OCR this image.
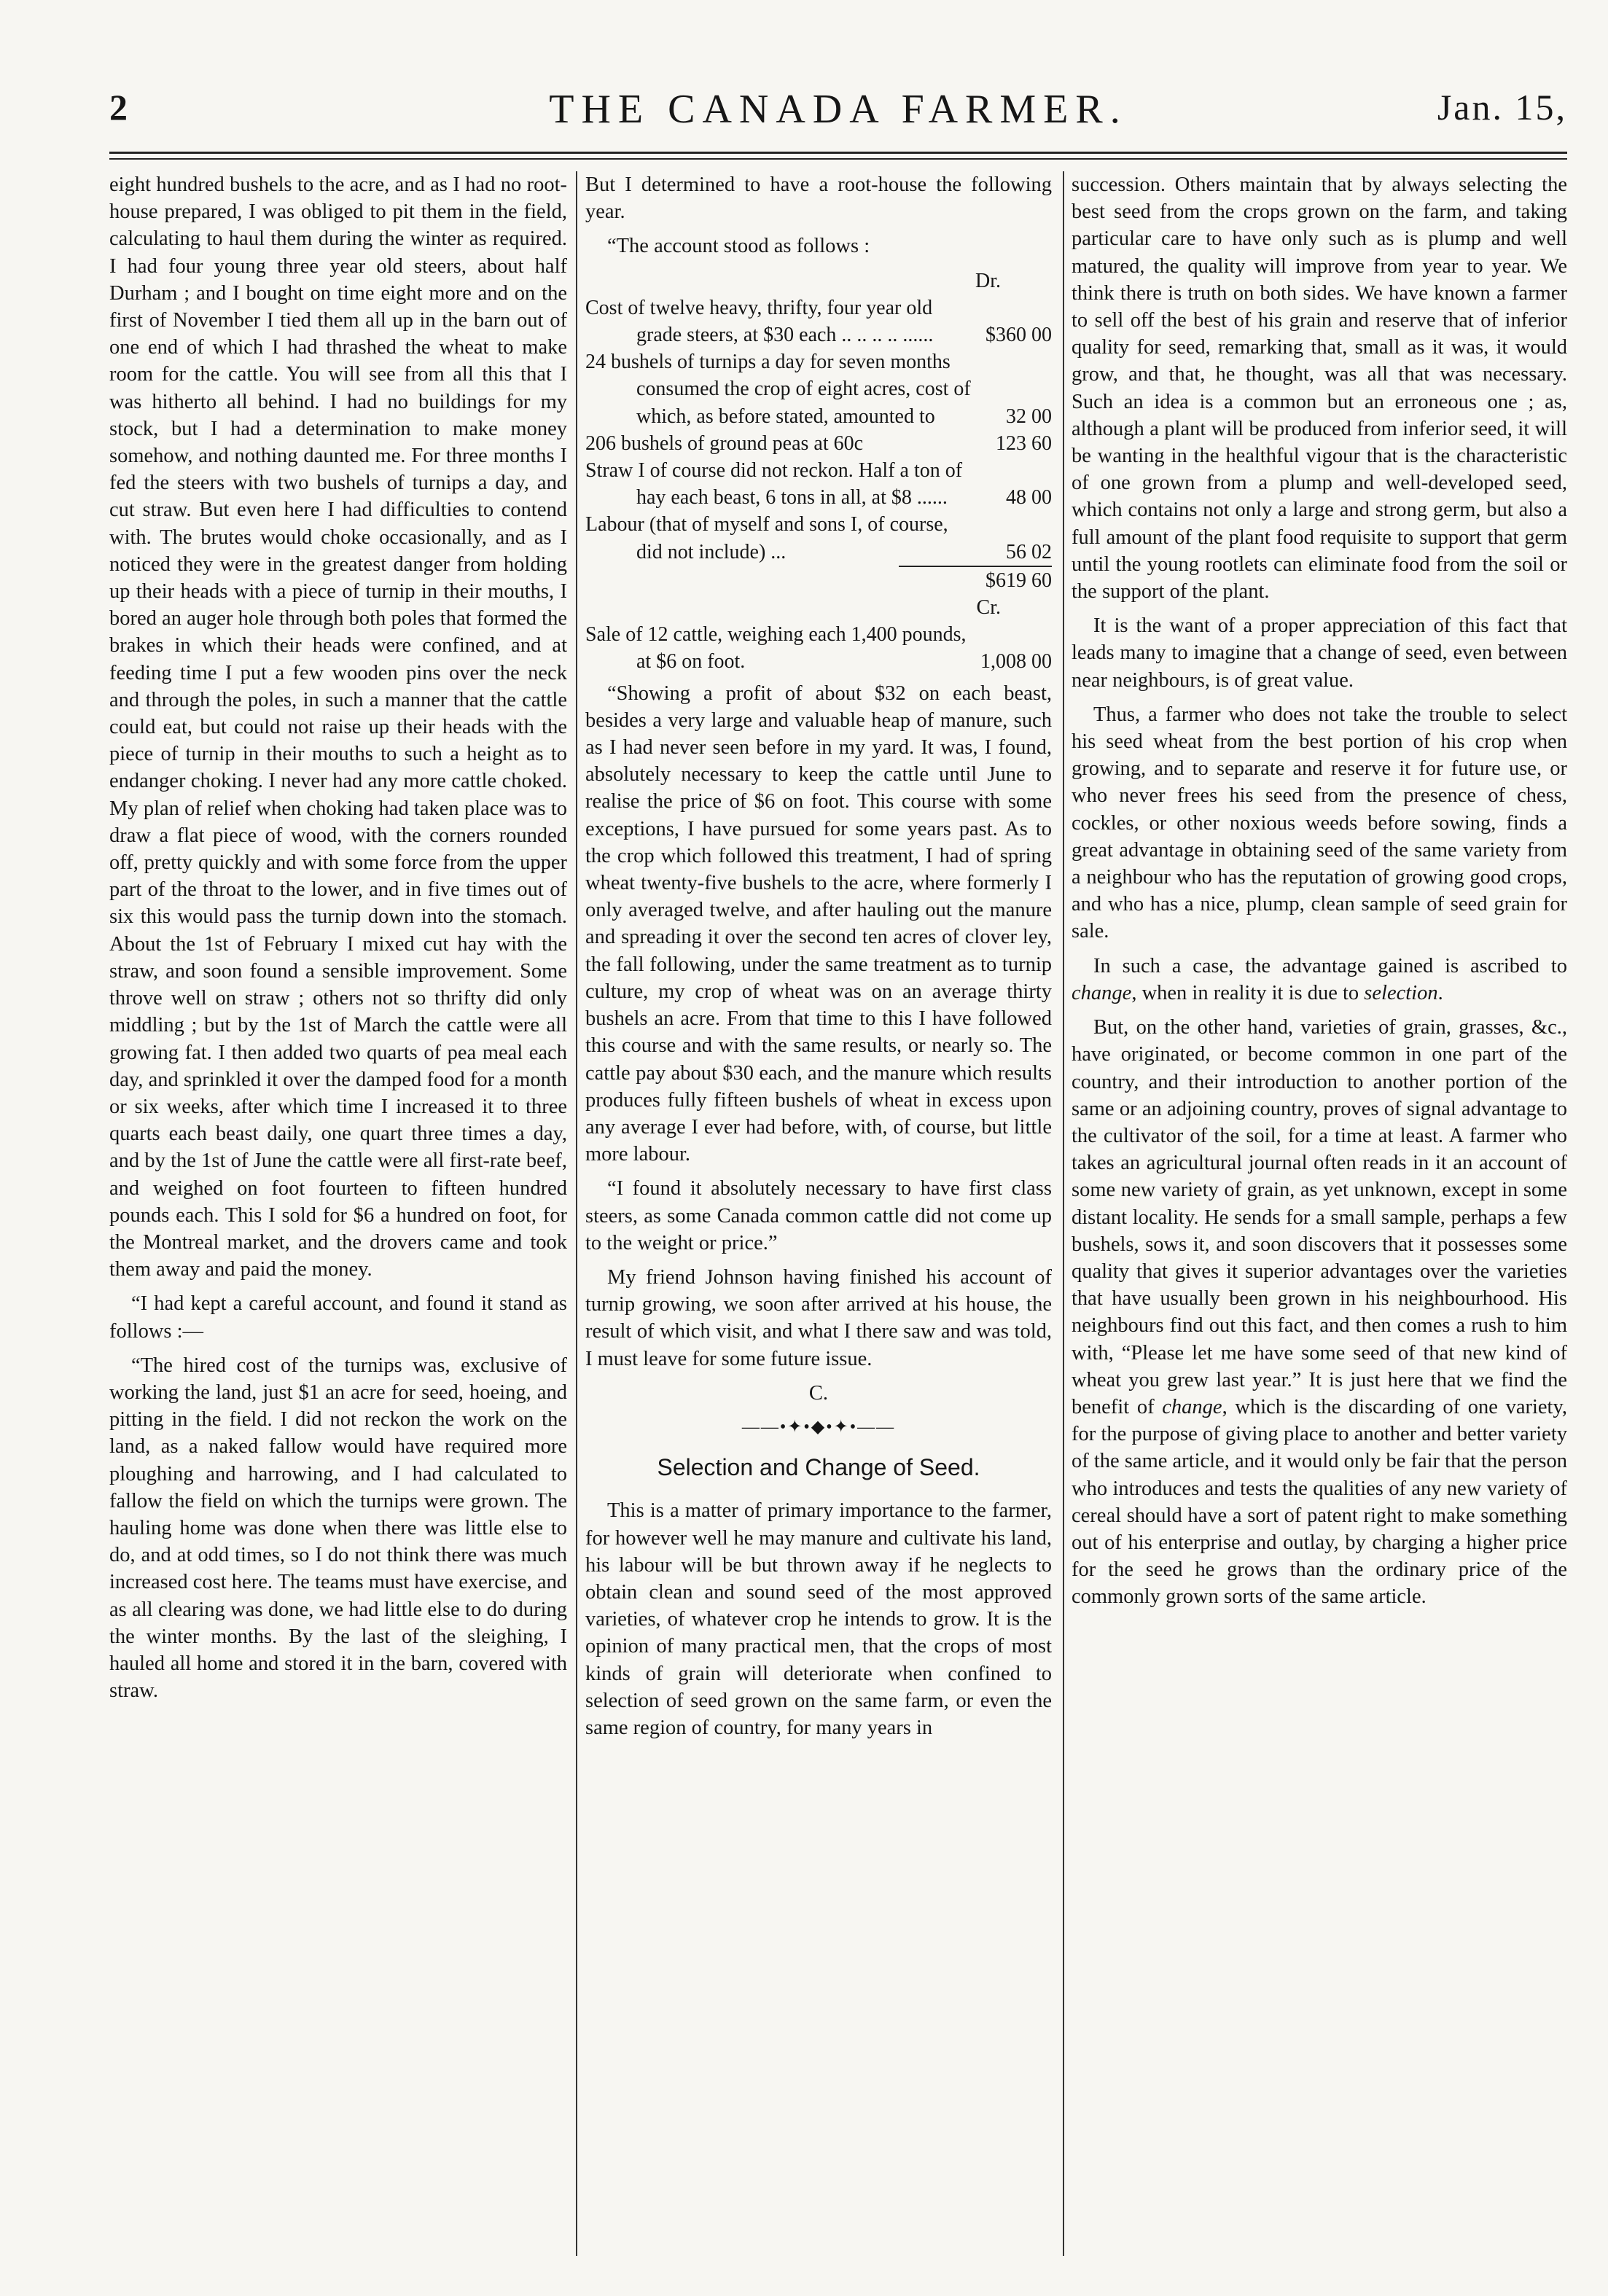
2	THE CANADA FARMER.	Jan. 15,

eight hundred bushels to the acre, and as I had no root-house prepared, I was obliged to pit them in the field, calculating to haul them during the winter as required. I had four young three year old steers, about half Durham ; and I bought on time eight more and on the first of November I tied them all up in the barn out of one end of which I had thrashed the wheat to make room for the cattle. You will see from all this that I was hitherto all behind. I had no buildings for my stock, but I had a determination to make money somehow, and nothing daunted me. For three months I fed the steers with two bushels of turnips a day, and cut straw. But even here I had difficulties to contend with. The brutes would choke occasionally, and as I noticed they were in the greatest danger from holding up their heads with a piece of turnip in their mouths, I bored an auger hole through both poles that formed the brakes in which their heads were confined, and at feeding time I put a few wooden pins over the neck and through the poles, in such a manner that the cattle could eat, but could not raise up their heads with the piece of turnip in their mouths to such a height as to endanger choking. I never had any more cattle choked. My plan of relief when choking had taken place was to draw a flat piece of wood, with the corners rounded off, pretty quickly and with some force from the upper part of the throat to the lower, and in five times out of six this would pass the turnip down into the stomach. About the 1st of February I mixed cut hay with the straw, and soon found a sensible improvement. Some throve well on straw ; others not so thrifty did only middling ; but by the 1st of March the cattle were all growing fat. I then added two quarts of pea meal each day, and sprinkled it over the damped food for a month or six weeks, after which time I increased it to three quarts each beast daily, one quart three times a day, and by the 1st of June the cattle were all first-rate beef, and weighed on foot fourteen to fifteen hundred pounds each. This I sold for $6 a hundred on foot, for the Montreal market, and the drovers came and took them away and paid the money.

“I had kept a careful account, and found it stand as follows :—

“The hired cost of the turnips was, exclusive of working the land, just $1 an acre for seed, hoeing, and pitting in the field. I did not reckon the work on the land, as a naked fallow would have required more ploughing and harrowing, and I had calculated to fallow the field on which the turnips were grown. The hauling home was done when there was little else to do, and at odd times, so I do not think there was much increased cost here. The teams must have exercise, and as all clearing was done, we had little else to do during the winter months. By the last of the sleighing, I hauled all home and stored it in the barn, covered with straw.

But I determined to have a root-house the following year.

“The account stood as follows :

Dr.
Cost of twelve heavy, thrifty, four year old grade steers, at $30 each .. .. .. .. ......	$360 00
24 bushels of turnips a day for seven months consumed the crop of eight acres, cost of which, as before stated, amounted to	32 00
206 bushels of ground peas at 60c	123 60
Straw I of course did not reckon. Half a ton of hay each beast, 6 tons in all, at $8 ......	48 00
Labour (that of myself and sons I, of course, did not include) ...	56 02
$619 60
Cr.
Sale of 12 cattle, weighing each 1,400 pounds, at $6 on foot.	1,008 00

“Showing a profit of about $32 on each beast, besides a very large and valuable heap of manure, such as I had never seen before in my yard. It was, I found, absolutely necessary to keep the cattle until June to realise the price of $6 on foot. This course with some exceptions, I have pursued for some years past. As to the crop which followed this treatment, I had of spring wheat twenty-five bushels to the acre, where formerly I only averaged twelve, and after hauling out the manure and spreading it over the second ten acres of clover ley, the fall following, under the same treatment as to turnip culture, my crop of wheat was on an average thirty bushels an acre. From that time to this I have followed this course and with the same results, or nearly so. The cattle pay about $30 each, and the manure which results produces fully fifteen bushels of wheat in excess upon any average I ever had before, with, of course, but little more labour.

“I found it absolutely necessary to have first class steers, as some Canada common cattle did not come up to the weight or price.”

My friend Johnson having finished his account of turnip growing, we soon after arrived at his house, the result of which visit, and what I there saw and was told, I must leave for some future issue.

C.
——•✦•◆•✦•——
Selection and Change of Seed.

This is a matter of primary importance to the farmer, for however well he may manure and cultivate his land, his labour will be but thrown away if he neglects to obtain clean and sound seed of the most approved varieties, of whatever crop he intends to grow. It is the opinion of many practical men, that the crops of most kinds of grain will deteriorate when confined to selection of seed grown on the same farm, or even the same region of country, for many years in

succession. Others maintain that by always selecting the best seed from the crops grown on the farm, and taking particular care to have only such as is plump and well matured, the quality will improve from year to year. We think there is truth on both sides. We have known a farmer to sell off the best of his grain and reserve that of inferior quality for seed, remarking that, small as it was, it would grow, and that, he thought, was all that was necessary. Such an idea is a common but an erroneous one ; as, although a plant will be produced from inferior seed, it will be wanting in the healthful vigour that is the characteristic of one grown from a plump and well-developed seed, which contains not only a large and strong germ, but also a full amount of the plant food requisite to support that germ until the young rootlets can eliminate food from the soil or the support of the plant.

It is the want of a proper appreciation of this fact that leads many to imagine that a change of seed, even between near neighbours, is of great value.

Thus, a farmer who does not take the trouble to select his seed wheat from the best portion of his crop when growing, and to separate and reserve it for future use, or who never frees his seed from the presence of chess, cockles, or other noxious weeds before sowing, finds a great advantage in obtaining seed of the same variety from a neighbour who has the reputation of growing good crops, and who has a nice, plump, clean sample of seed grain for sale.

In such a case, the advantage gained is ascribed to change, when in reality it is due to selection.

But, on the other hand, varieties of grain, grasses, &c., have originated, or become common in one part of the country, and their introduction to another portion of the same or an adjoining country, proves of signal advantage to the cultivator of the soil, for a time at least. A farmer who takes an agricultural journal often reads in it an account of some new variety of grain, as yet unknown, except in some distant locality. He sends for a small sample, perhaps a few bushels, sows it, and soon discovers that it possesses some quality that gives it superior advantages over the varieties that have usually been grown in his neighbourhood. His neighbours find out this fact, and then comes a rush to him with, “Please let me have some seed of that new kind of wheat you grew last year.” It is just here that we find the benefit of change, which is the discarding of one variety, for the purpose of giving place to another and better variety of the same article, and it would only be fair that the person who introduces and tests the qualities of any new variety of cereal should have a sort of patent right to make something out of his enterprise and outlay, by charging a higher price for the seed he grows than the ordinary price of the commonly grown sorts of the same article.
